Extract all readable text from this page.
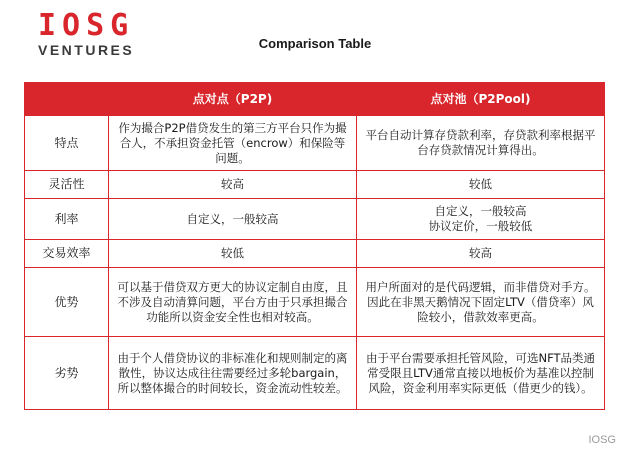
IOSG
VENTURES	Comparison Table
	点对点（P2P)	点对池（P2Pool)
特点	作为撮合P2P借贷发生的第三方平台只作为撮合人，不承担资金托管（encrow）和保险等问题。	平台自动计算存贷款利率，存贷款利率根据平台存贷款情况计算得出。
灵活性	较高	较低
利率	自定义，一般较高	自定义，一般较高
协议定价，一般较低
交易效率	较低	较高
优势	可以基于借贷双方更大的协议定制自由度，且不涉及自动清算问题，平台方由于只承担撮合功能所以资金安全性也相对较高。	用户所面对的是代码逻辑，而非借贷对手方。因此在非黑天鹅情况下固定LTV（借贷率）风险较小，借款效率更高。
劣势	由于个人借贷协议的非标准化和规则制定的离散性，协议达成往往需要经过多轮bargain，所以整体撮合的时间较长，资金流动性较差。	由于平台需要承担托管风险，可选NFT品类通常受限且LTV通常直接以地板价为基准以控制风险，资金利用率实际更低（借更少的钱）。
IOSG
